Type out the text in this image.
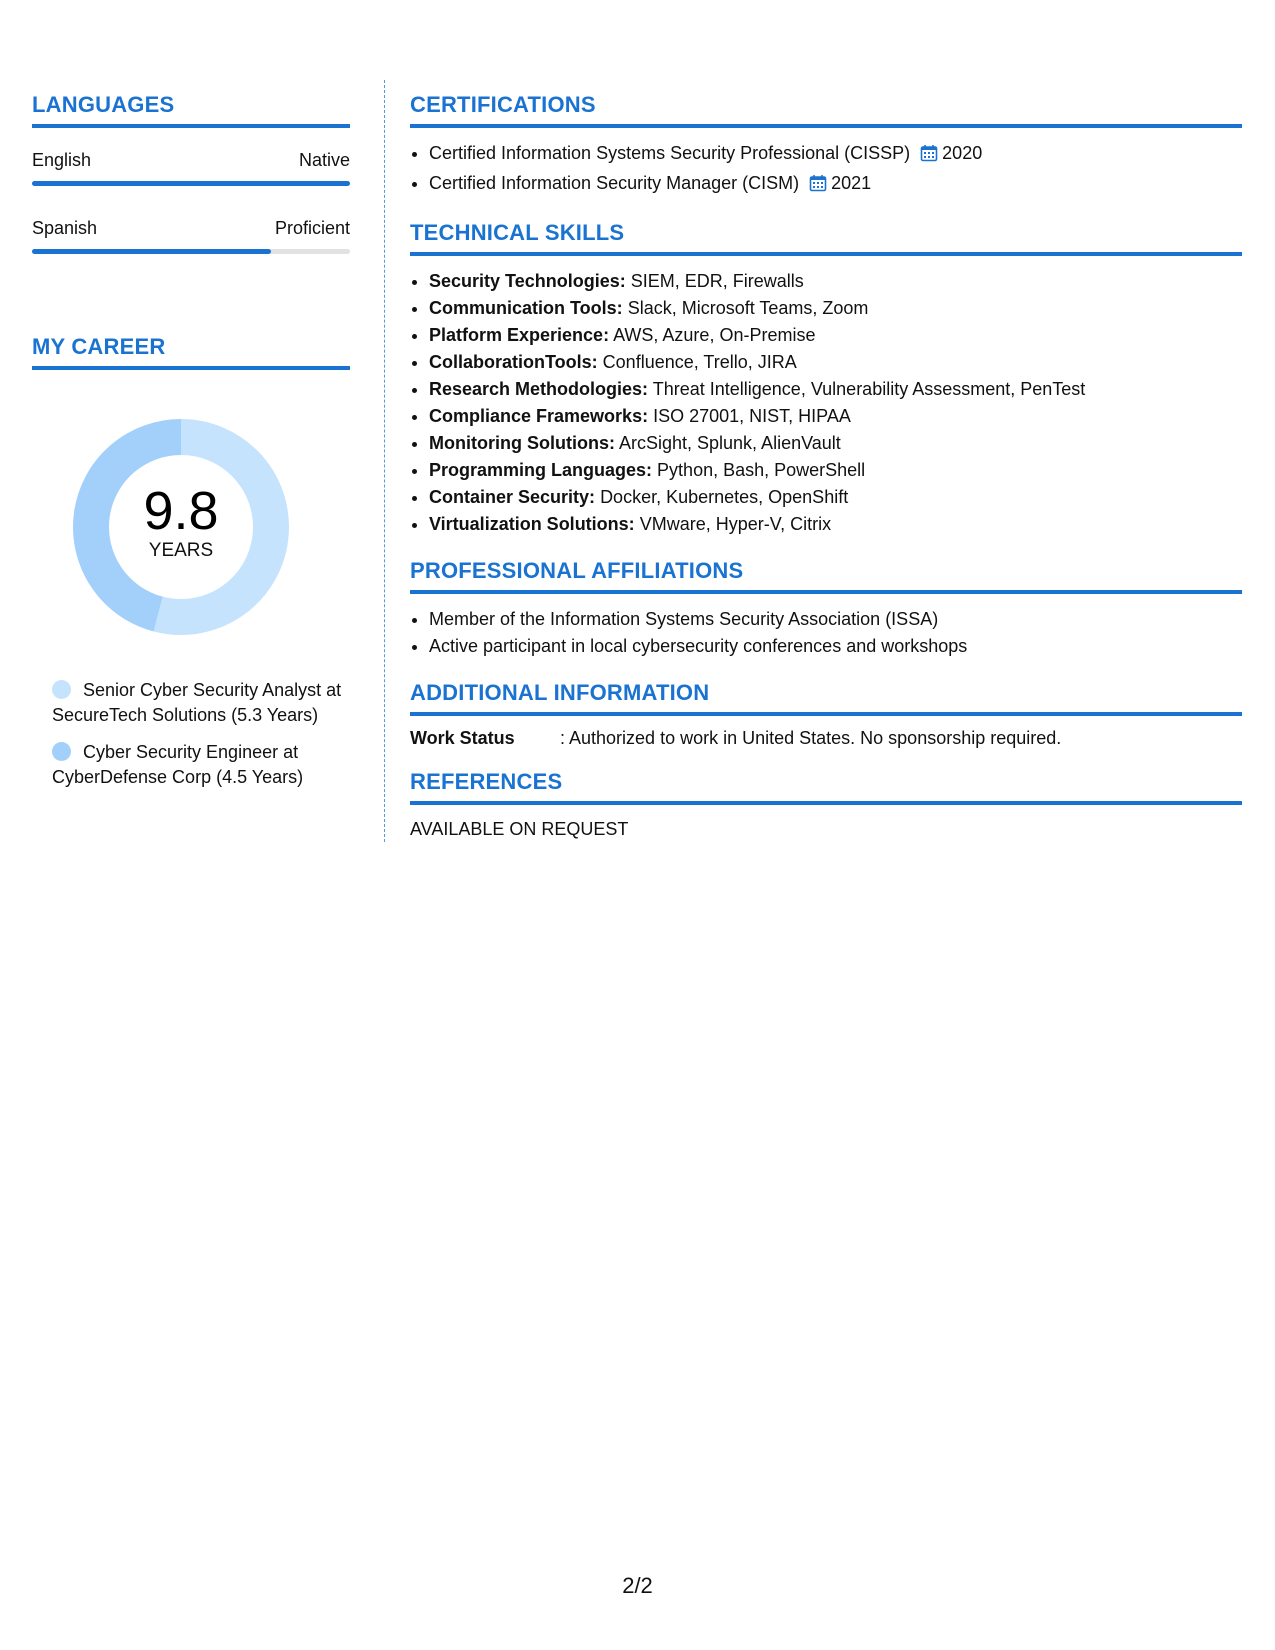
LANGUAGES
English	Native
Spanish	Proficient
MY CAREER
9.8
YEARS
Senior Cyber Security Analyst at SecureTech Solutions (5.3 Years)
Cyber Security Engineer at CyberDefense Corp (4.5 Years)
CERTIFICATIONS
• Certified Information Systems Security Professional (CISSP) 2020
• Certified Information Security Manager (CISM) 2021
TECHNICAL SKILLS
• Security Technologies: SIEM, EDR, Firewalls
• Communication Tools: Slack, Microsoft Teams, Zoom
• Platform Experience: AWS, Azure, On-Premise
• CollaborationTools: Confluence, Trello, JIRA
• Research Methodologies: Threat Intelligence, Vulnerability Assessment, PenTest
• Compliance Frameworks: ISO 27001, NIST, HIPAA
• Monitoring Solutions: ArcSight, Splunk, AlienVault
• Programming Languages: Python, Bash, PowerShell
• Container Security: Docker, Kubernetes, OpenShift
• Virtualization Solutions: VMware, Hyper-V, Citrix
PROFESSIONAL AFFILIATIONS
• Member of the Information Systems Security Association (ISSA)
• Active participant in local cybersecurity conferences and workshops
ADDITIONAL INFORMATION
Work Status	: Authorized to work in United States. No sponsorship required.
REFERENCES
AVAILABLE ON REQUEST
2/2
